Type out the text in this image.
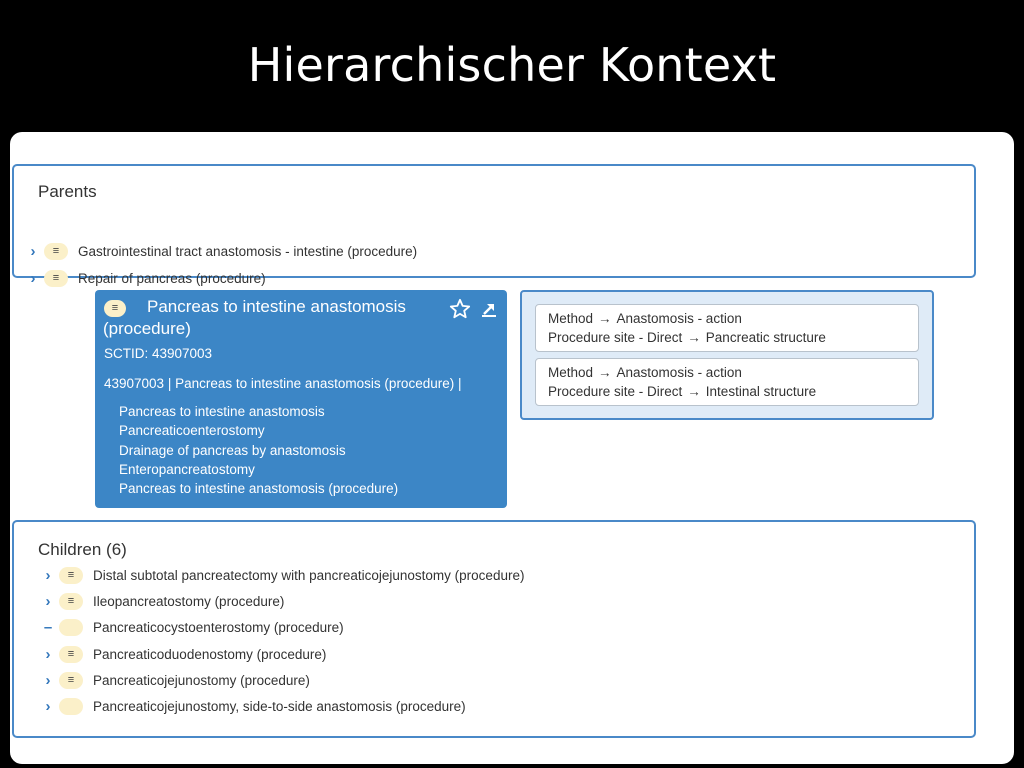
Hierarchischer Kontext
Parents
›	≡	Gastrointestinal tract anastomosis - intestine (procedure)
›	≡	Repair of pancreas (procedure)
≡	Pancreas to intestine anastomosis (procedure)
SCTID: 43907003
43907003 | Pancreas to intestine anastomosis (procedure) |
Pancreas to intestine anastomosis
Pancreaticoenterostomy
Drainage of pancreas by anastomosis
Enteropancreatostomy
Pancreas to intestine anastomosis (procedure)
Method → Anastomosis - action
Procedure site - Direct → Pancreatic structure
Method → Anastomosis - action
Procedure site - Direct → Intestinal structure
Children (6)
›	≡	Distal subtotal pancreatectomy with pancreaticojejunostomy (procedure)
›	≡	Ileopancreatostomy (procedure)
–	Pancreaticocystoenterostomy (procedure)
›	≡	Pancreaticoduodenostomy (procedure)
›	≡	Pancreaticojejunostomy (procedure)
›	Pancreaticojejunostomy, side-to-side anastomosis (procedure)
